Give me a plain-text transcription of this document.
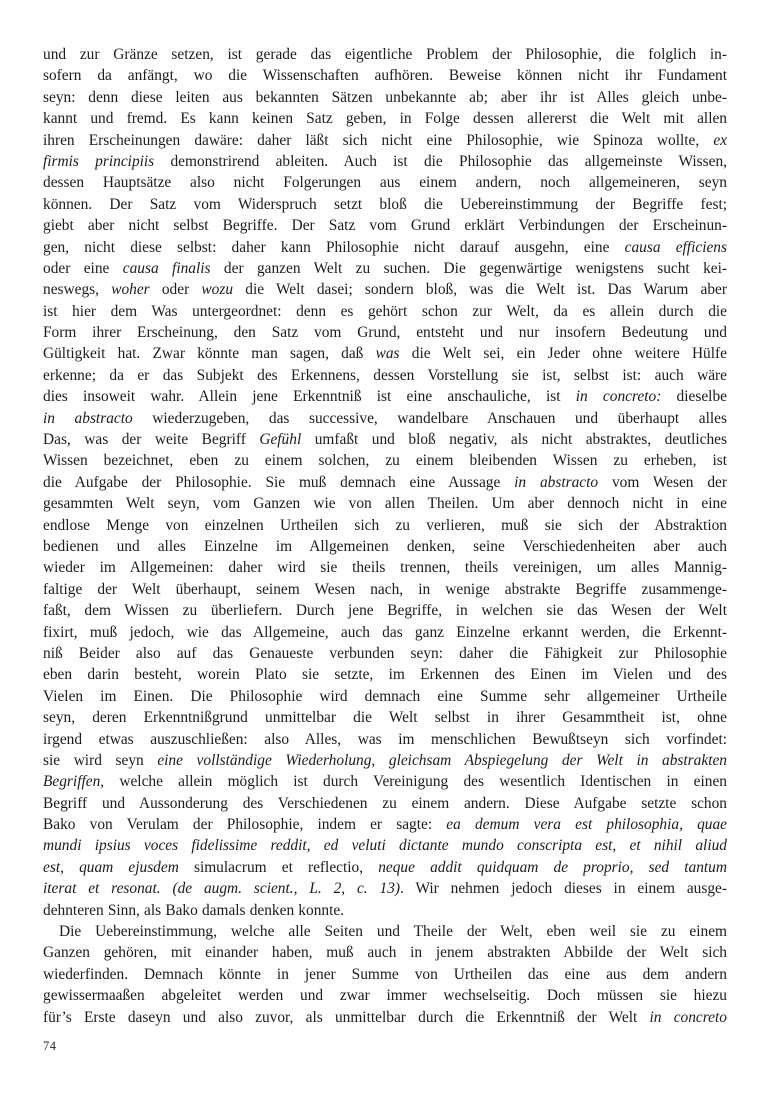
und zur Gränze setzen, ist gerade das eigentliche Problem der Philosophie, die folglich in-
sofern da anfängt, wo die Wissenschaften aufhören. Beweise können nicht ihr Fundament
seyn: denn diese leiten aus bekannten Sätzen unbekannte ab; aber ihr ist Alles gleich unbe-
kannt und fremd. Es kann keinen Satz geben, in Folge dessen allererst die Welt mit allen
ihren Erscheinungen dawäre: daher läßt sich nicht eine Philosophie, wie Spinoza wollte, ex
firmis principiis demonstrirend ableiten. Auch ist die Philosophie das allgemeinste Wissen,
dessen Hauptsätze also nicht Folgerungen aus einem andern, noch allgemeineren, seyn
können. Der Satz vom Widerspruch setzt bloß die Uebereinstimmung der Begriffe fest;
giebt aber nicht selbst Begriffe. Der Satz vom Grund erklärt Verbindungen der Erscheinun-
gen, nicht diese selbst: daher kann Philosophie nicht darauf ausgehn, eine causa efficiens
oder eine causa finalis der ganzen Welt zu suchen. Die gegenwärtige wenigstens sucht kei-
neswegs, woher oder wozu die Welt dasei; sondern bloß, was die Welt ist. Das Warum aber
ist hier dem Was untergeordnet: denn es gehört schon zur Welt, da es allein durch die
Form ihrer Erscheinung, den Satz vom Grund, entsteht und nur insofern Bedeutung und
Gültigkeit hat. Zwar könnte man sagen, daß was die Welt sei, ein Jeder ohne weitere Hülfe
erkenne; da er das Subjekt des Erkennens, dessen Vorstellung sie ist, selbst ist: auch wäre
dies insoweit wahr. Allein jene Erkenntniß ist eine anschauliche, ist in concreto: dieselbe
in abstracto wiederzugeben, das successive, wandelbare Anschauen und überhaupt alles
Das, was der weite Begriff Gefühl umfaßt und bloß negativ, als nicht abstraktes, deutliches
Wissen bezeichnet, eben zu einem solchen, zu einem bleibenden Wissen zu erheben, ist
die Aufgabe der Philosophie. Sie muß demnach eine Aussage in abstracto vom Wesen der
gesammten Welt seyn, vom Ganzen wie von allen Theilen. Um aber dennoch nicht in eine
endlose Menge von einzelnen Urtheilen sich zu verlieren, muß sie sich der Abstraktion
bedienen und alles Einzelne im Allgemeinen denken, seine Verschiedenheiten aber auch
wieder im Allgemeinen: daher wird sie theils trennen, theils vereinigen, um alles Mannig-
faltige der Welt überhaupt, seinem Wesen nach, in wenige abstrakte Begriffe zusammenge-
faßt, dem Wissen zu überliefern. Durch jene Begriffe, in welchen sie das Wesen der Welt
fixirt, muß jedoch, wie das Allgemeine, auch das ganz Einzelne erkannt werden, die Erkennt-
niß Beider also auf das Genaueste verbunden seyn: daher die Fähigkeit zur Philosophie
eben darin besteht, worein Plato sie setzte, im Erkennen des Einen im Vielen und des
Vielen im Einen. Die Philosophie wird demnach eine Summe sehr allgemeiner Urtheile
seyn, deren Erkenntnißgrund unmittelbar die Welt selbst in ihrer Gesammtheit ist, ohne
irgend etwas auszuschließen: also Alles, was im menschlichen Bewußtseyn sich vorfindet:
sie wird seyn eine vollständige Wiederholung, gleichsam Abspiegelung der Welt in abstrakten
Begriffen, welche allein möglich ist durch Vereinigung des wesentlich Identischen in einen
Begriff und Aussonderung des Verschiedenen zu einem andern. Diese Aufgabe setzte schon
Bako von Verulam der Philosophie, indem er sagte: ea demum vera est philosophia, quae
mundi ipsius voces fidelissime reddit, ed veluti dictante mundo conscripta est, et nihil aliud
est, quam ejusdem simulacrum et reflectio, neque addit quidquam de proprio, sed tantum
iterat et resonat. (de augm. scient., L. 2, c. 13). Wir nehmen jedoch dieses in einem ausge-
dehnteren Sinn, als Bako damals denken konnte.
Die Uebereinstimmung, welche alle Seiten und Theile der Welt, eben weil sie zu einem
Ganzen gehören, mit einander haben, muß auch in jenem abstrakten Abbilde der Welt sich
wiederfinden. Demnach könnte in jener Summe von Urtheilen das eine aus dem andern
gewissermaaßen abgeleitet werden und zwar immer wechselseitig. Doch müssen sie hiezu
für’s Erste daseyn und also zuvor, als unmittelbar durch die Erkenntniß der Welt in concreto
74
